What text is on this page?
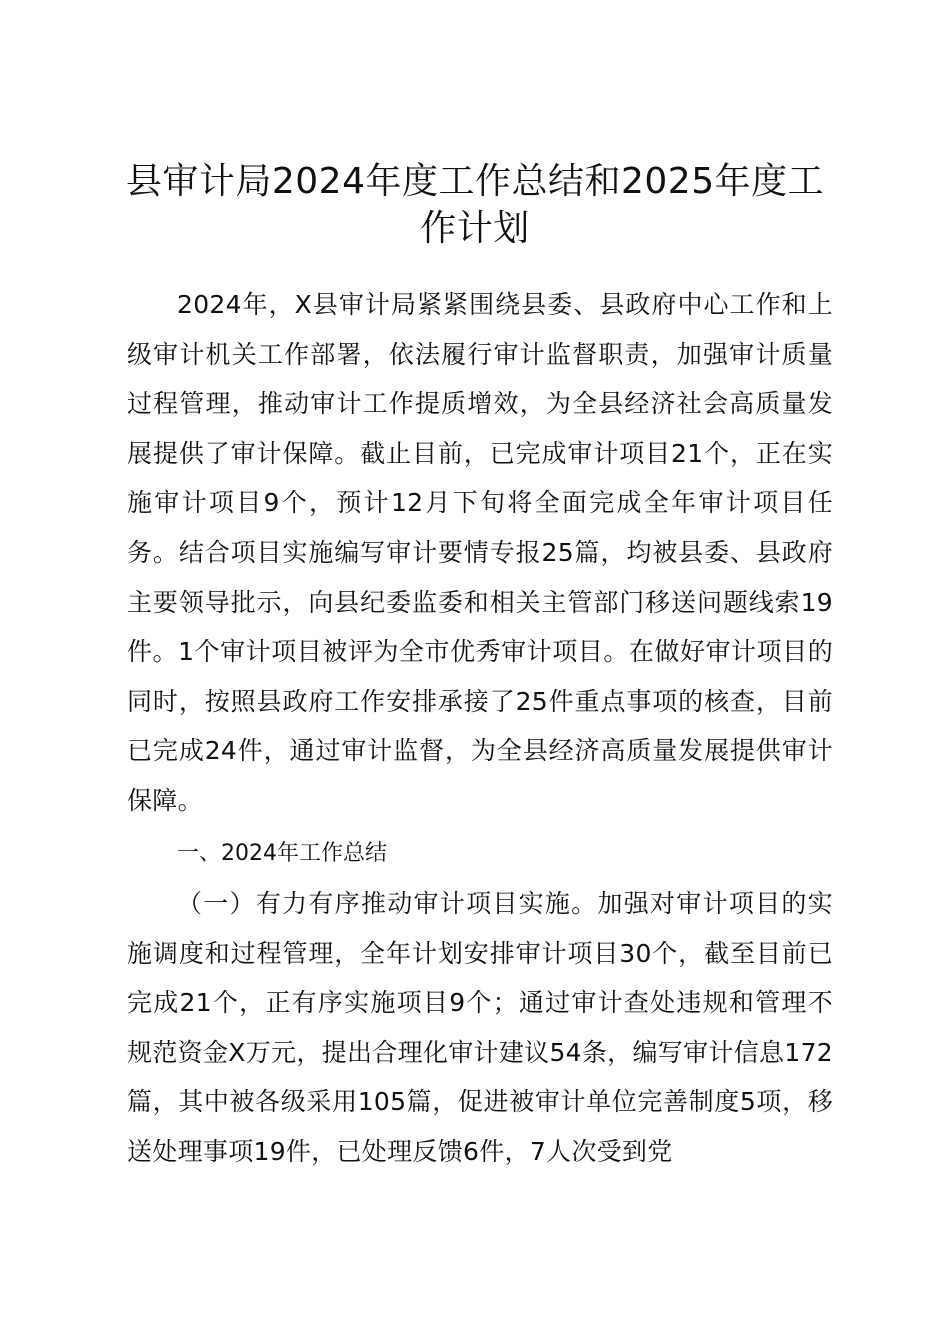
县审计局2024年度工作总结和2025年度工作计划

2024年，X县审计局紧紧围绕县委、县政府中心工作和上级审计机关工作部署，依法履行审计监督职责，加强审计质量过程管理，推动审计工作提质增效，为全县经济社会高质量发展提供了审计保障。截止目前，已完成审计项目21个，正在实施审计项目9个，预计12月下旬将全面完成全年审计项目任务。结合项目实施编写审计要情专报25篇，均被县委、县政府主要领导批示，向县纪委监委和相关主管部门移送问题线索19件。1个审计项目被评为全市优秀审计项目。在做好审计项目的同时，按照县政府工作安排承接了25件重点事项的核查，目前已完成24件，通过审计监督，为全县经济高质量发展提供审计保障。

一、2024年工作总结

（一）有力有序推动审计项目实施。加强对审计项目的实施调度和过程管理，全年计划安排审计项目30个，截至目前已完成21个，正有序实施项目9个；通过审计查处违规和管理不规范资金X万元，提出合理化审计建议54条，编写审计信息172篇，其中被各级采用105篇，促进被审计单位完善制度5项，移送处理事项19件，已处理反馈6件，7人次受到党
